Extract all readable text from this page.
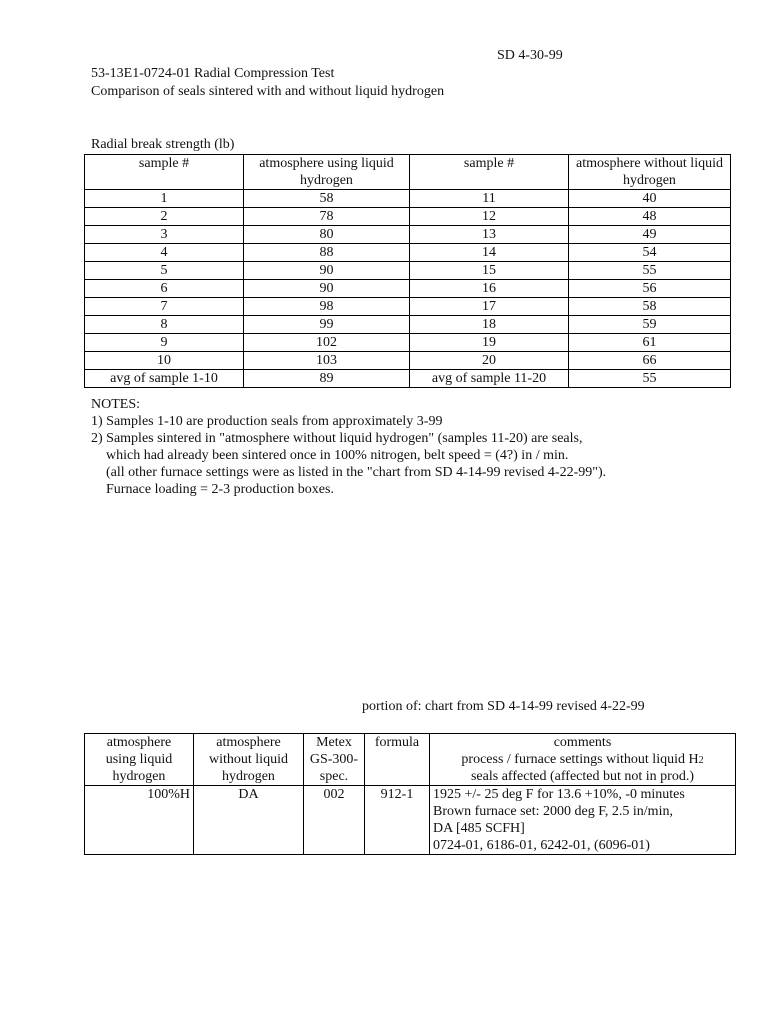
SD 4-30-99
53-13E1-0724-01 Radial Compression Test
Comparison of seals sintered with and without liquid hydrogen
Radial break strength (lb)
sample #	atmosphere using liquid hydrogen	sample #	atmosphere without liquid hydrogen
1	58	11	40
2	78	12	48
3	80	13	49
4	88	14	54
5	90	15	55
6	90	16	56
7	98	17	58
8	99	18	59
9	102	19	61
10	103	20	66
avg of sample 1-10	89	avg of sample 11-20	55
NOTES:
1) Samples 1-10 are production seals from approximately 3-99
2) Samples sintered in "atmosphere without liquid hydrogen" (samples 11-20) are seals,
which had already been sintered once in 100% nitrogen, belt speed = (4?) in / min.
(all other furnace settings were as listed in the "chart from SD 4-14-99 revised 4-22-99").
Furnace loading = 2-3 production boxes.
portion of: chart from SD 4-14-99 revised 4-22-99
atmosphere
using liquid
hydrogen	atmosphere
without liquid
hydrogen	Metex
GS-300-
spec.	formula	comments
process / furnace settings without liquid H2
seals affected (affected but not in prod.)

100%H	DA	002	912-1	1925 +/- 25 deg F for 13.6 +10%, -0 minutes
Brown furnace set: 2000 deg F, 2.5 in/min,
DA [485 SCFH]
0724-01, 6186-01, 6242-01, (6096-01)
